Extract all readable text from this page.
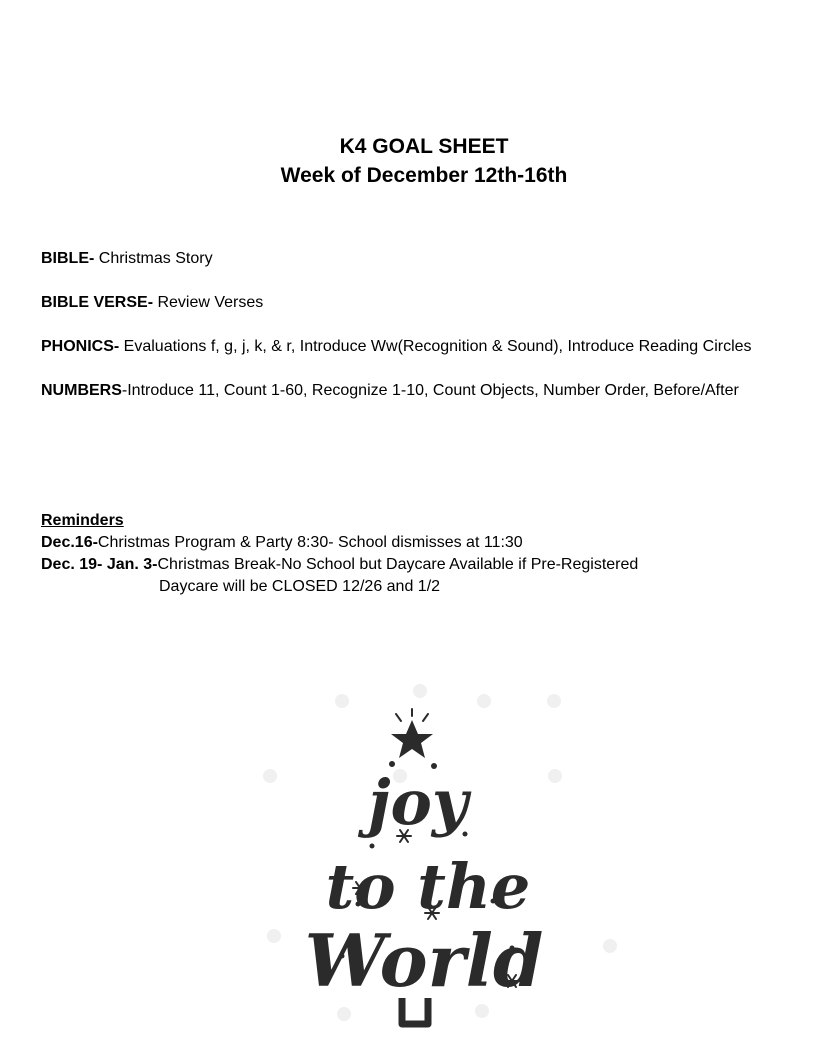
K4 GOAL SHEET
Week of December 12th-16th
BIBLE- Christmas Story
BIBLE VERSE- Review Verses
PHONICS- Evaluations f, g, j, k, & r, Introduce Ww(Recognition & Sound), Introduce Reading Circles
NUMBERS-Introduce 11, Count 1-60, Recognize 1-10, Count Objects, Number Order, Before/After
Reminders
Dec.16-Christmas Program & Party 8:30- School dismisses at 11:30
Dec. 19- Jan. 3-Christmas Break-No School but Daycare Available if Pre-Registered
Daycare will be CLOSED 12/26 and 1/2
joy
to the
World
